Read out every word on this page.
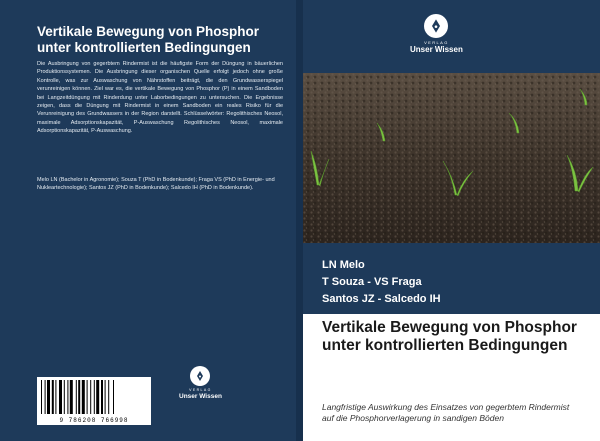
Vertikale Bewegung von Phosphor unter kontrollierten Bedingungen
Die Ausbringung von gegerbtem Rindermist ist die häufigste Form der Düngung in bäuerlichen Produktionssystemen. Die Ausbringung dieser organischen Quelle erfolgt jedoch ohne große Kontrolle, was zur Auswaschung von Nährstoffen beiträgt, die den Grundwasserspiegel verunreinigen können. Ziel war es, die vertikale Bewegung von Phosphor (P) in einem Sandboden bei Langzeitdüngung mit Rinderdung unter Laborbedingungen zu untersuchen. Die Ergebnisse zeigen, dass die Düngung mit Rindermist in einem Sandboden ein reales Risiko für die Verunreinigung des Grundwassers in der Region darstellt. Schlüsselwörter: Regolithisches Neosol, maximale Adsorptionskapazität, P-Auswaschung Regolithisches Neosol, maximale Adsorptionskapazität, P-Auswaschung.
Melo LN (Bachelor in Agronomie); Souza T (PhD in Bodenkunde); Fraga VS (PhD in Energie- und Nukleartechnologie); Santos JZ (PhD in Bodenkunde); Salcedo IH (PhD in Bodenkunde).
9 786208 766998
VERLAG
Unser Wissen
VERLAG
Unser Wissen
LN Melo
T Souza - VS Fraga
Santos JZ - Salcedo IH
Vertikale Bewegung von Phosphor unter kontrollierten Bedingungen
Langfristige Auswirkung des Einsatzes von gegerbtem Rindermist auf die Phosphorverlagerung in sandigen Böden
